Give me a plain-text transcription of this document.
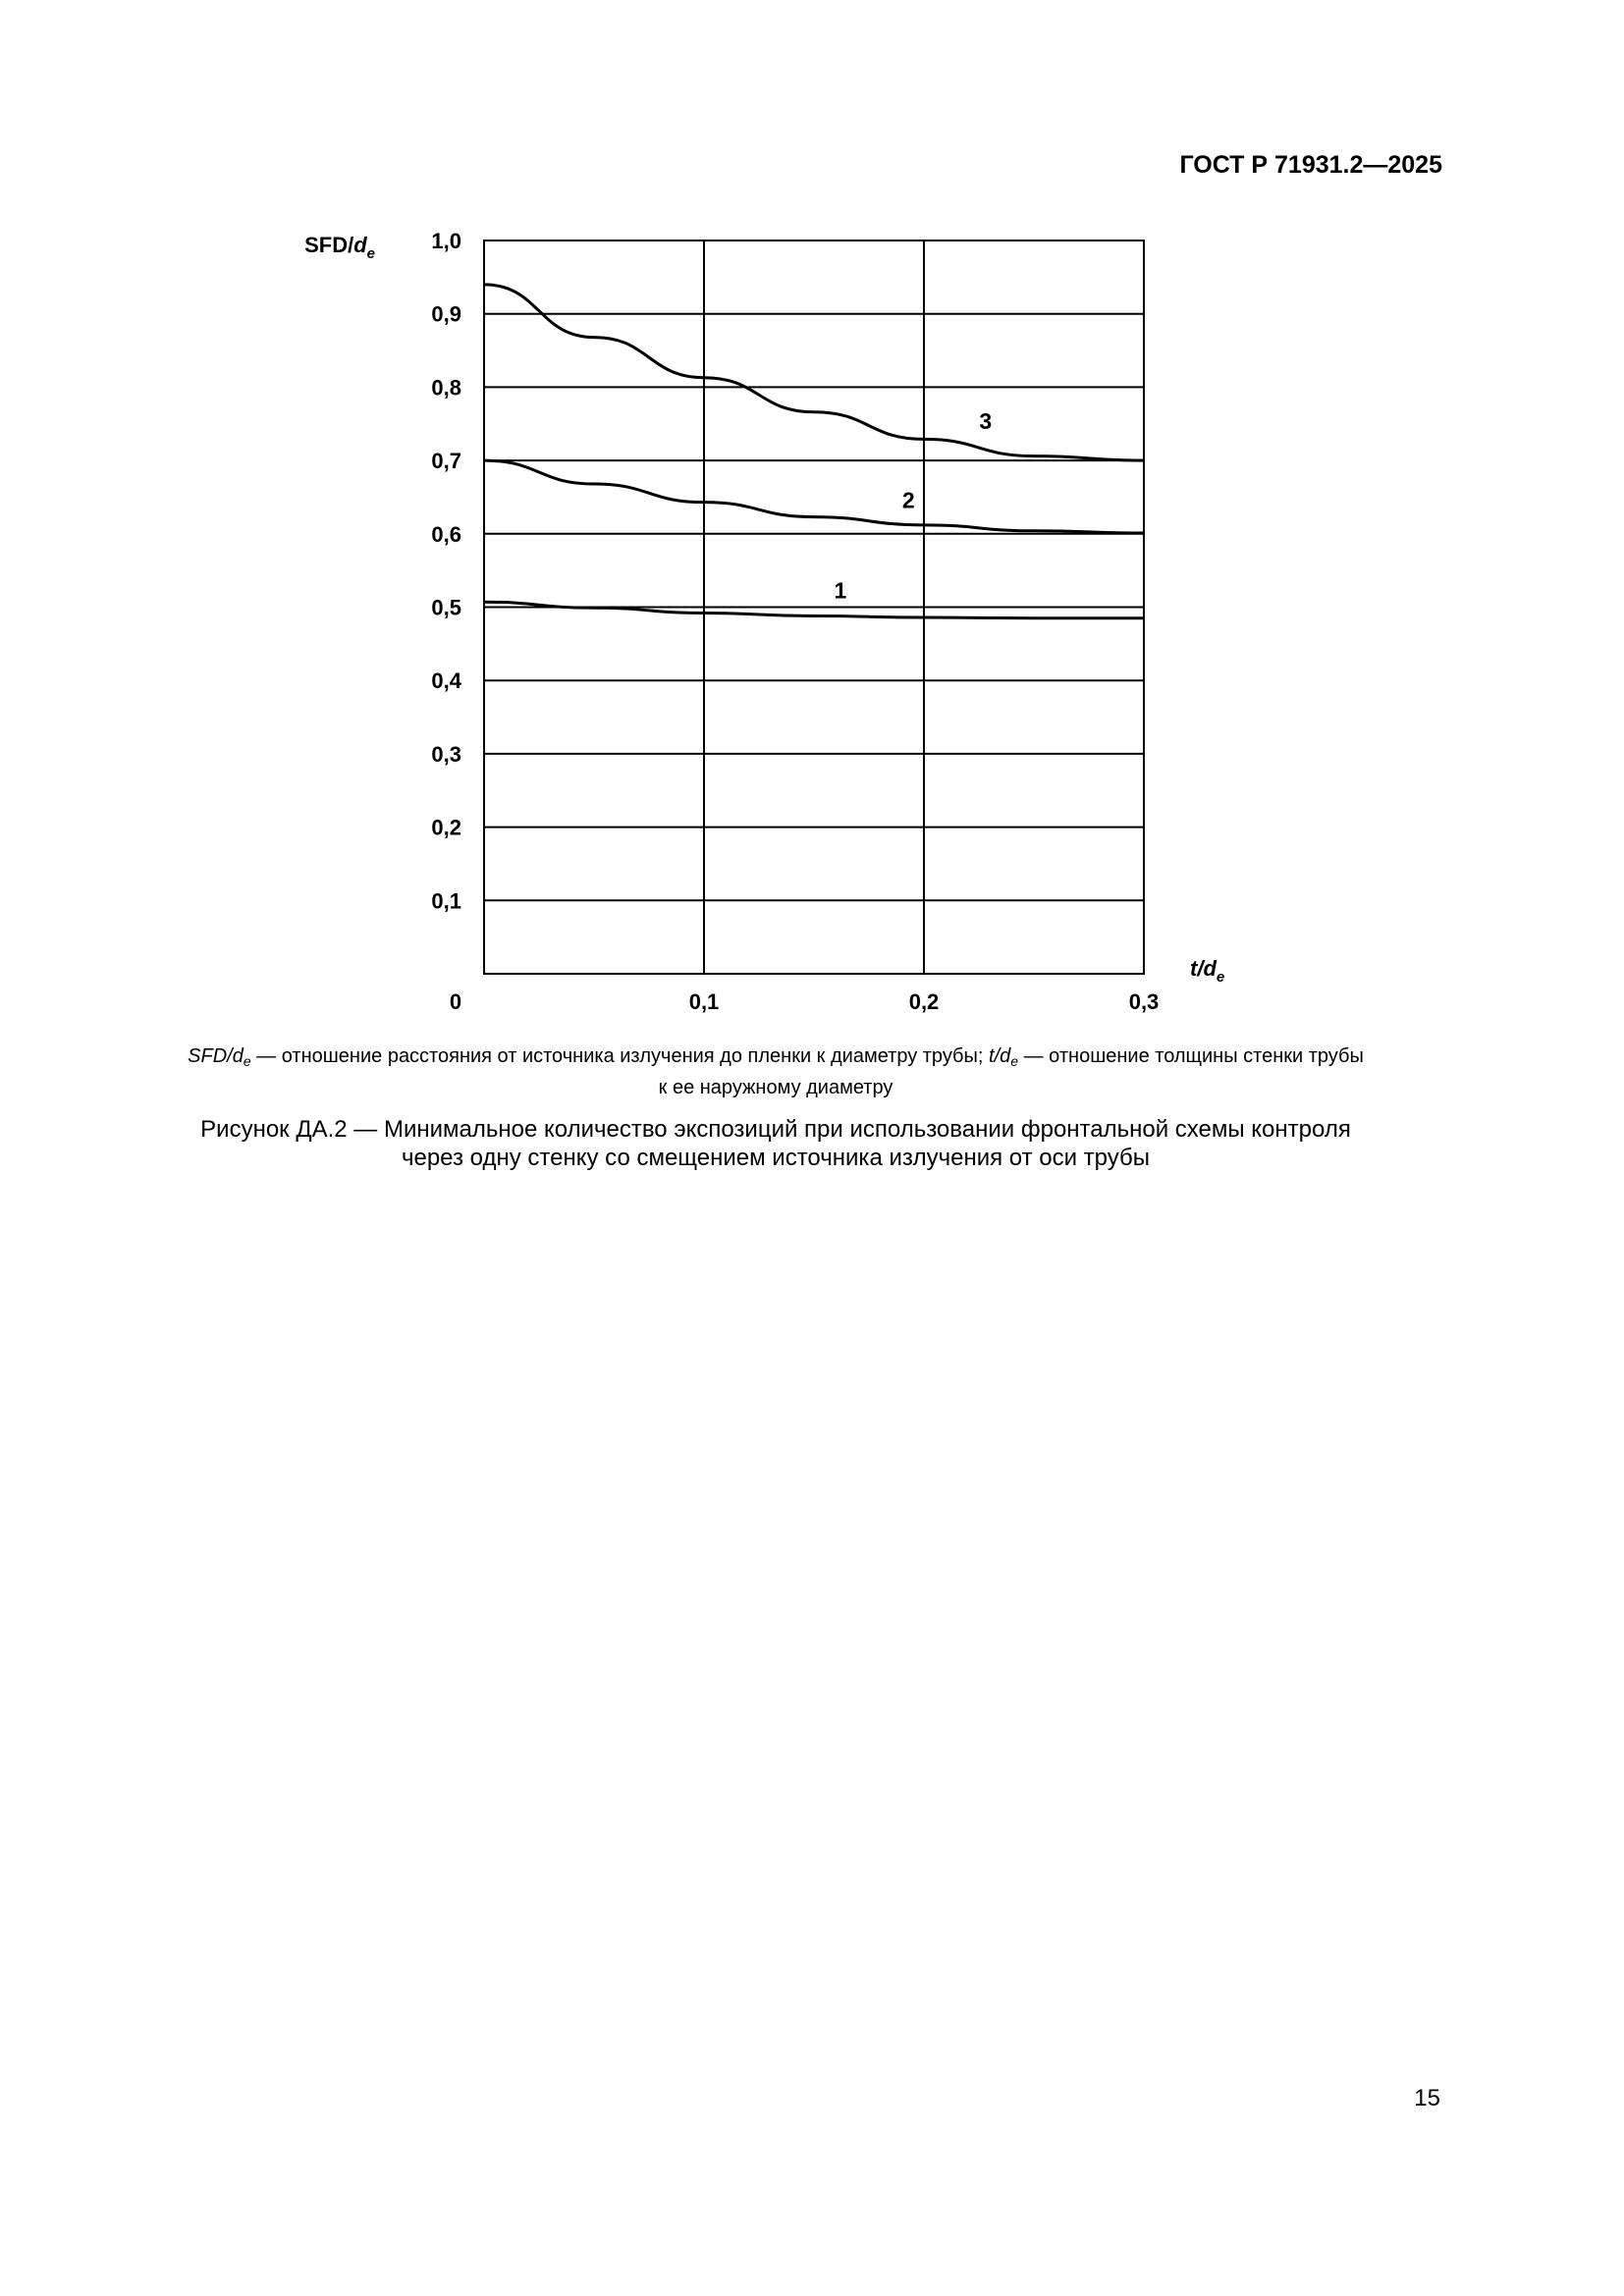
ГОСТ Р 71931.2—2025
0,1
0,2
0,3
0,4
0,5
0,6
0,7
0,8
0,9
1,0
0,1	0,2	0,3
1
2
3
SFD/$d_e$
$t/d_e$
0
SFD/$d_e$ — отношение расстояния от источника излучения до пленки к диаметру трубы; $t/d_e$ — отношение толщины стенки трубы
к ее наружному диаметру
Рисунок ДА.2 — Минимальное количество экспозиций при использовании фронтальной схемы контроля
через одну стенку со смещением источника излучения от оси трубы
15
